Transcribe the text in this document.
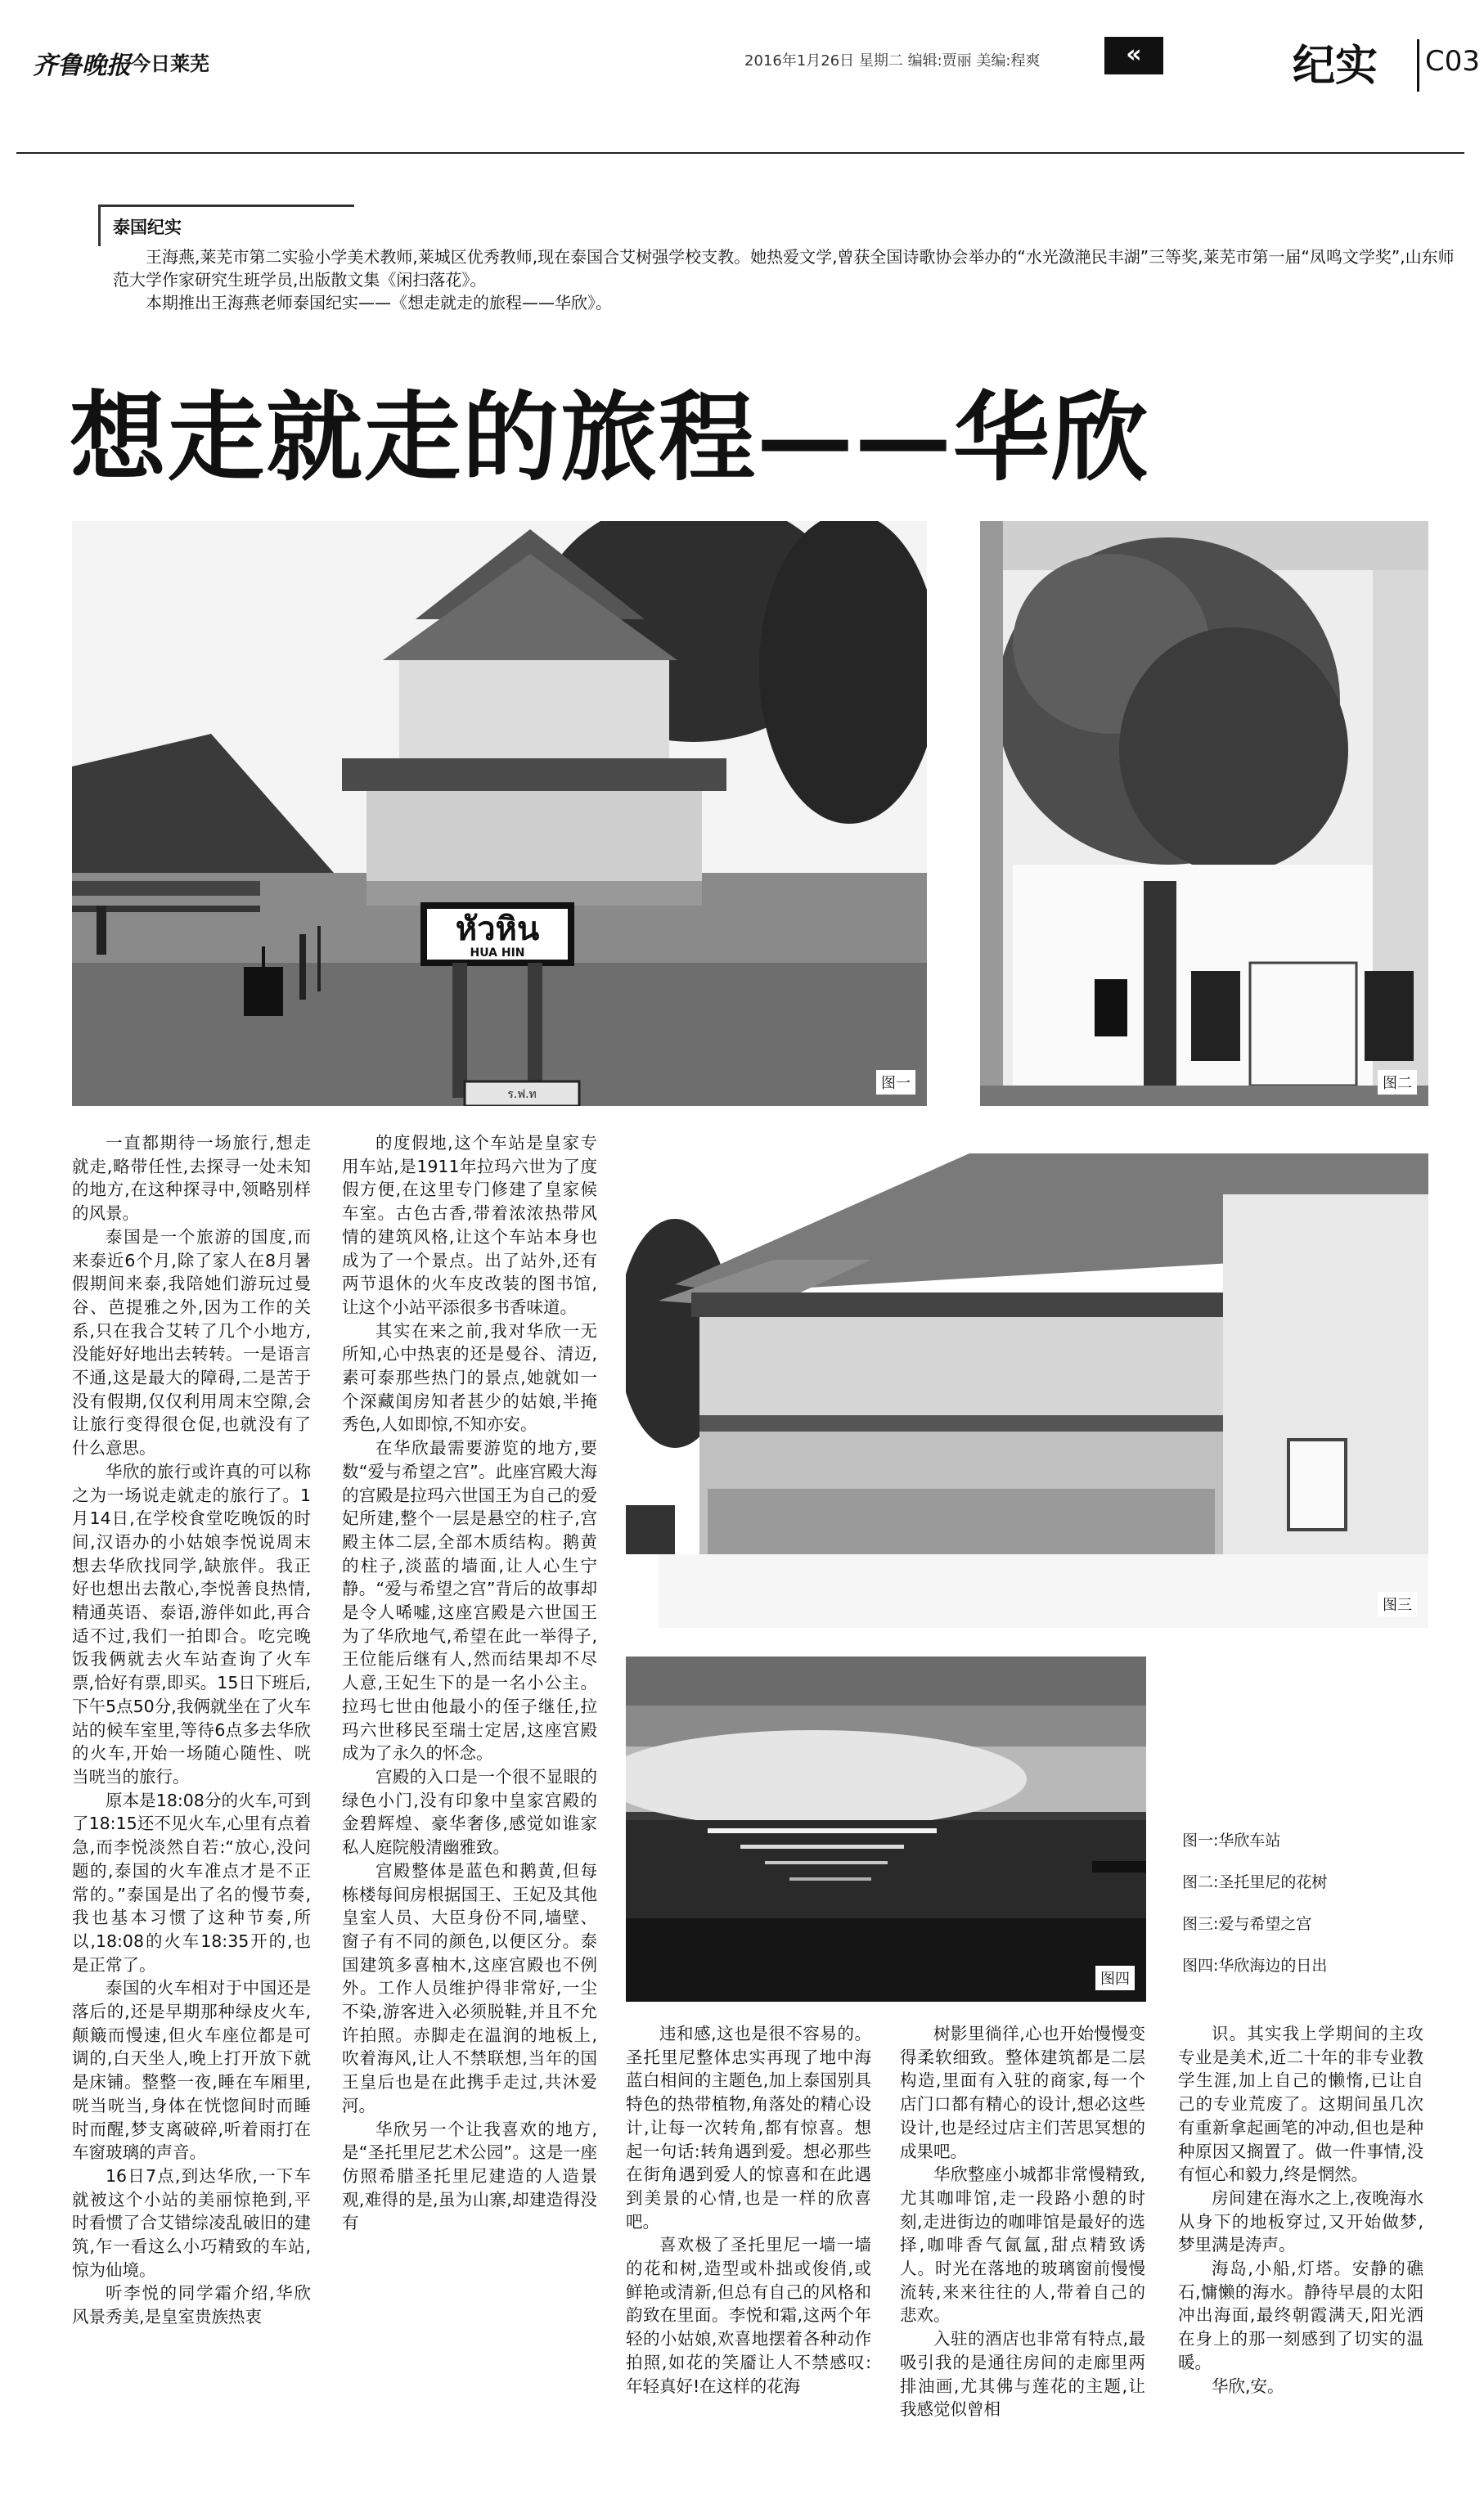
齐鲁晚报 今日莱芜	2016年1月26日 星期二 编辑:贾丽 美编:程爽	«	纪实 C03
泰国纪实

王海燕,莱芜市第二实验小学美术教师,莱城区优秀教师,现在泰国合艾树强学校支教。她热爱文学,曾获全国诗歌协会举办的“水光潋滟民丰湖”三等奖,莱芜市第一届“凤鸣文学奖”,山东师范大学作家研究生班学员,出版散文集《闲扫落花》。

本期推出王海燕老师泰国纪实——《想走就走的旅程——华欣》。

想走就走的旅程——华欣
หัวหิน
HUA HIN
ร.ฟ.ท
图一	图二
图三
图四
图一:华欣车站
图二:圣托里尼的花树
图三:爱与希望之宫
图四:华欣海边的日出

一直都期待一场旅行,想走就走,略带任性,去探寻一处未知的地方,在这种探寻中,领略别样的风景。

泰国是一个旅游的国度,而来泰近6个月,除了家人在8月暑假期间来泰,我陪她们游玩过曼谷、芭提雅之外,因为工作的关系,只在我合艾转了几个小地方,没能好好地出去转转。一是语言不通,这是最大的障碍,二是苦于没有假期,仅仅利用周末空隙,会让旅行变得很仓促,也就没有了什么意思。

华欣的旅行或许真的可以称之为一场说走就走的旅行了。1月14日,在学校食堂吃晚饭的时间,汉语办的小姑娘李悦说周末想去华欣找同学,缺旅伴。我正好也想出去散心,李悦善良热情,精通英语、泰语,游伴如此,再合适不过,我们一拍即合。吃完晚饭我俩就去火车站查询了火车票,恰好有票,即买。15日下班后,下午5点50分,我俩就坐在了火车站的候车室里,等待6点多去华欣的火车,开始一场随心随性、咣当咣当的旅行。

原本是18:08分的火车,可到了18:15还不见火车,心里有点着急,而李悦淡然自若:“放心,没问题的,泰国的火车准点才是不正常的。”泰国是出了名的慢节奏,我也基本习惯了这种节奏,所以,18:08的火车18:35开的,也是正常了。

泰国的火车相对于中国还是落后的,还是早期那种绿皮火车,颠簸而慢速,但火车座位都是可调的,白天坐人,晚上打开放下就是床铺。整整一夜,睡在车厢里,咣当咣当,身体在恍惚间时而睡时而醒,梦支离破碎,听着雨打在车窗玻璃的声音。

16日7点,到达华欣,一下车就被这个小站的美丽惊艳到,平时看惯了合艾错综凌乱破旧的建筑,乍一看这么小巧精致的车站,惊为仙境。

听李悦的同学霜介绍,华欣风景秀美,是皇室贵族热衷

的度假地,这个车站是皇家专用车站,是1911年拉玛六世为了度假方便,在这里专门修建了皇家候车室。古色古香,带着浓浓热带风情的建筑风格,让这个车站本身也成为了一个景点。出了站外,还有两节退休的火车皮改装的图书馆,让这个小站平添很多书香味道。

其实在来之前,我对华欣一无所知,心中热衷的还是曼谷、清迈,素可泰那些热门的景点,她就如一个深藏闺房知者甚少的姑娘,半掩秀色,人如即惊,不知亦安。

在华欣最需要游览的地方,要数“爱与希望之宫”。此座宫殿大海的宫殿是拉玛六世国王为自己的爱妃所建,整个一层是悬空的柱子,宫殿主体二层,全部木质结构。鹅黄的柱子,淡蓝的墙面,让人心生宁静。“爱与希望之宫”背后的故事却是令人唏嘘,这座宫殿是六世国王为了华欣地气,希望在此一举得子,王位能后继有人,然而结果却不尽人意,王妃生下的是一名小公主。拉玛七世由他最小的侄子继任,拉玛六世移民至瑞士定居,这座宫殿成为了永久的怀念。

宫殿的入口是一个很不显眼的绿色小门,没有印象中皇家宫殿的金碧辉煌、豪华奢侈,感觉如谁家私人庭院般清幽雅致。

宫殿整体是蓝色和鹅黄,但每栋楼每间房根据国王、王妃及其他皇室人员、大臣身份不同,墙壁、窗子有不同的颜色,以便区分。泰国建筑多喜柚木,这座宫殿也不例外。工作人员维护得非常好,一尘不染,游客进入必须脱鞋,并且不允许拍照。赤脚走在温润的地板上,吹着海风,让人不禁联想,当年的国王皇后也是在此携手走过,共沐爱河。

华欣另一个让我喜欢的地方,是“圣托里尼艺术公园”。这是一座仿照希腊圣托里尼建造的人造景观,难得的是,虽为山寨,却建造得没有

违和感,这也是很不容易的。圣托里尼整体忠实再现了地中海蓝白相间的主题色,加上泰国别具特色的热带植物,角落处的精心设计,让每一次转角,都有惊喜。想起一句话:转角遇到爱。想必那些在街角遇到爱人的惊喜和在此遇到美景的心情,也是一样的欣喜吧。

喜欢极了圣托里尼一墙一墙的花和树,造型或朴拙或俊俏,或鲜艳或清新,但总有自己的风格和韵致在里面。李悦和霜,这两个年轻的小姑娘,欢喜地摆着各种动作拍照,如花的笑靥让人不禁感叹:年轻真好!在这样的花海

树影里徜徉,心也开始慢慢变得柔软细致。整体建筑都是二层构造,里面有入驻的商家,每一个店门口都有精心的设计,想必这些设计,也是经过店主们苦思冥想的成果吧。

华欣整座小城都非常慢精致,尤其咖啡馆,走一段路小憩的时刻,走进街边的咖啡馆是最好的选择,咖啡香气氤氲,甜点精致诱人。时光在落地的玻璃窗前慢慢流转,来来往往的人,带着自己的悲欢。

入驻的酒店也非常有特点,最吸引我的是通往房间的走廊里两排油画,尤其佛与莲花的主题,让我感觉似曾相

识。其实我上学期间的主攻专业是美术,近二十年的非专业教学生涯,加上自己的懒惰,已让自己的专业荒废了。这期间虽几次有重新拿起画笔的冲动,但也是种种原因又搁置了。做一件事情,没有恒心和毅力,终是惘然。

房间建在海水之上,夜晚海水从身下的地板穿过,又开始做梦,梦里满是涛声。

海岛,小船,灯塔。安静的礁石,慵懒的海水。静待早晨的太阳冲出海面,最终朝霞满天,阳光洒在身上的那一刻感到了切实的温暖。

华欣,安。
